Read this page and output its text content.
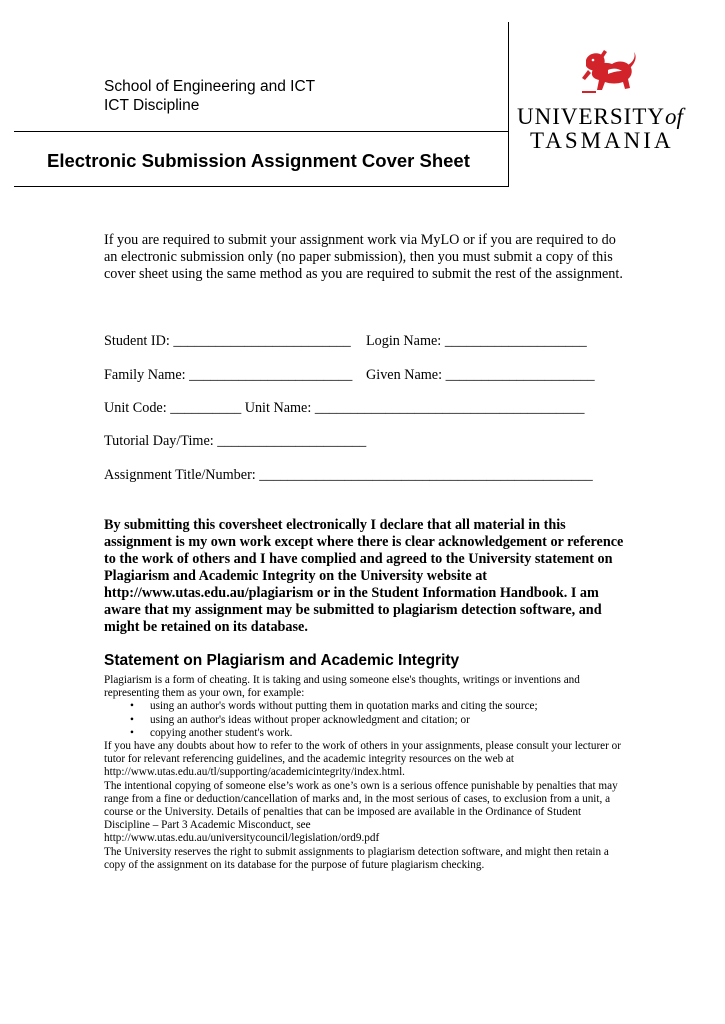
School of Engineering and ICT
ICT Discipline
Electronic Submission Assignment Cover Sheet
UNIVERSITYof
TASMANIA
If you are required to submit your assignment work via MyLO or if you are required to do an electronic submission only (no paper submission), then you must submit a copy of this cover sheet using the same method as you are required to submit the rest of the assignment.
Student ID: _________________________ Login Name: ____________________
Family Name: _______________________ Given Name: _____________________
Unit Code: __________ Unit Name: ______________________________________
Tutorial Day/Time: _____________________
Assignment Title/Number: _______________________________________________
By submitting this coversheet electronically I declare that all material in this assignment is my own work except where there is clear acknowledgement or reference to the work of others and I have complied and agreed to the University statement on Plagiarism and Academic Integrity on the University website at http://www.utas.edu.au/plagiarism or in the Student Information Handbook. I am aware that my assignment may be submitted to plagiarism detection software, and might be retained on its database.
Statement on Plagiarism and Academic Integrity

Plagiarism is a form of cheating. It is taking and using someone else's thoughts, writings or inventions and representing them as your own, for example:

• using an author's words without putting them in quotation marks and citing the source;
• using an author's ideas without proper acknowledgment and citation; or
• copying another student's work.

If you have any doubts about how to refer to the work of others in your assignments, please consult your lecturer or tutor for relevant referencing guidelines, and the academic integrity resources on the web at http://www.utas.edu.au/tl/supporting/academicintegrity/index.html.

The intentional copying of someone else’s work as one’s own is a serious offence punishable by penalties that may range from a fine or deduction/cancellation of marks and, in the most serious of cases, to exclusion from a unit, a course or the University. Details of penalties that can be imposed are available in the Ordinance of Student Discipline – Part 3 Academic Misconduct, see

http://www.utas.edu.au/universitycouncil/legislation/ord9.pdf

The University reserves the right to submit assignments to plagiarism detection software, and might then retain a copy of the assignment on its database for the purpose of future plagiarism checking.
